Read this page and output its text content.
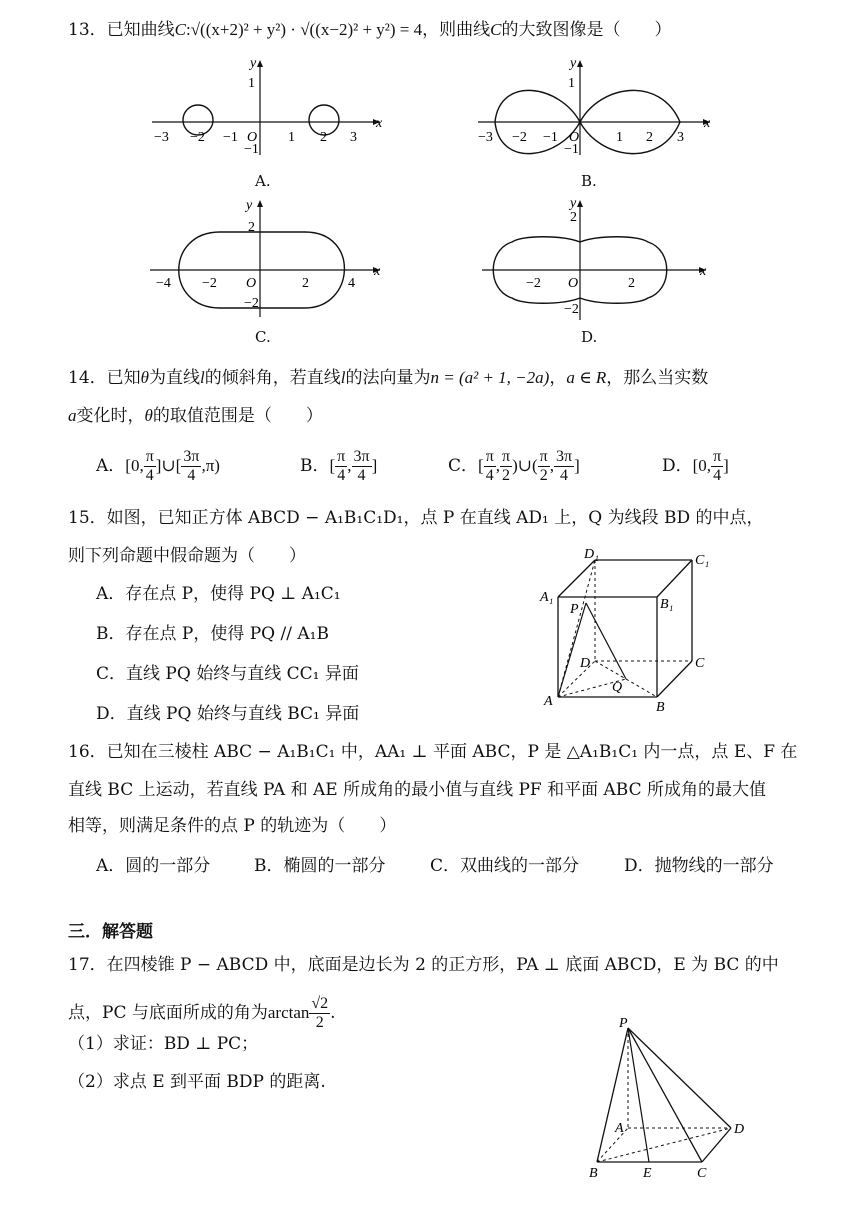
13．已知曲线C:√((x+2)² + y²) · √((x−2)² + y²) = 4，则曲线C的大致图像是（　　）
−3 −2 −1 O 1 2 3
1
−1
x
y
A.
−3 −2 −1 O	1 2 3
1
−1
x
y
B.
−4 −2 O	2	4
2
−2
x
y
C.
−2 O	2
2
−2
x
y
D.
14．已知θ为直线l的倾斜角，若直线l的法向量为n = (a² + 1, −2a)，a ∈ R，那么当实数
a变化时，θ的取值范围是（　　）
A．[0, $\frac{\pi}{4}$ ]∪[ $\frac{3\pi}{4} ,\pi$)	B．[ $\frac{\pi}{4}$ , $\frac{3\pi}{4}$ ]	C．[ $\frac{\pi}{4}$ , $\frac{\pi}{2}$ )∪( $\frac{\pi}{2}$ , $\frac{3\pi}{4}$ ]	D．[0, $\frac{\pi}{4}$ ]
15．如图，已知正方体 ABCD − A₁B₁C₁D₁，点 P 在直线 AD₁ 上，Q 为线段 BD 的中点，
则下列命题中假命题为（　　）
A．存在点 P，使得 PQ ⊥ A₁C₁
B．存在点 P，使得 PQ // A₁B
C．直线 PQ 始终与直线 CC₁ 异面
D．直线 PQ 始终与直线 BC₁ 异面
D₁	C₁
A₁	B₁
P
D	C
Q
A	B
16．已知在三棱柱 ABC − A₁B₁C₁ 中，AA₁ ⊥ 平面 ABC，P 是 △A₁B₁C₁ 内一点，点 E、F 在
直线 BC 上运动，若直线 PA 和 AE 所成角的最小值与直线 PF 和平面 ABC 所成角的最大值
相等，则满足条件的点 P 的轨迹为（　　）
A．圆的一部分	B．椭圆的一部分	C．双曲线的一部分	D．抛物线的一部分
三．解答题
17．在四棱锥 P − ABCD 中，底面是边长为 2 的正方形，PA ⊥ 底面 ABCD，E 为 BC 的中
点，PC 与底面所成的角为$\arctan \frac{√2}{2}$ .
（1）求证：BD ⊥ PC；
（2）求点 E 到平面 BDP 的距离.
P
A	D
B	E	C
